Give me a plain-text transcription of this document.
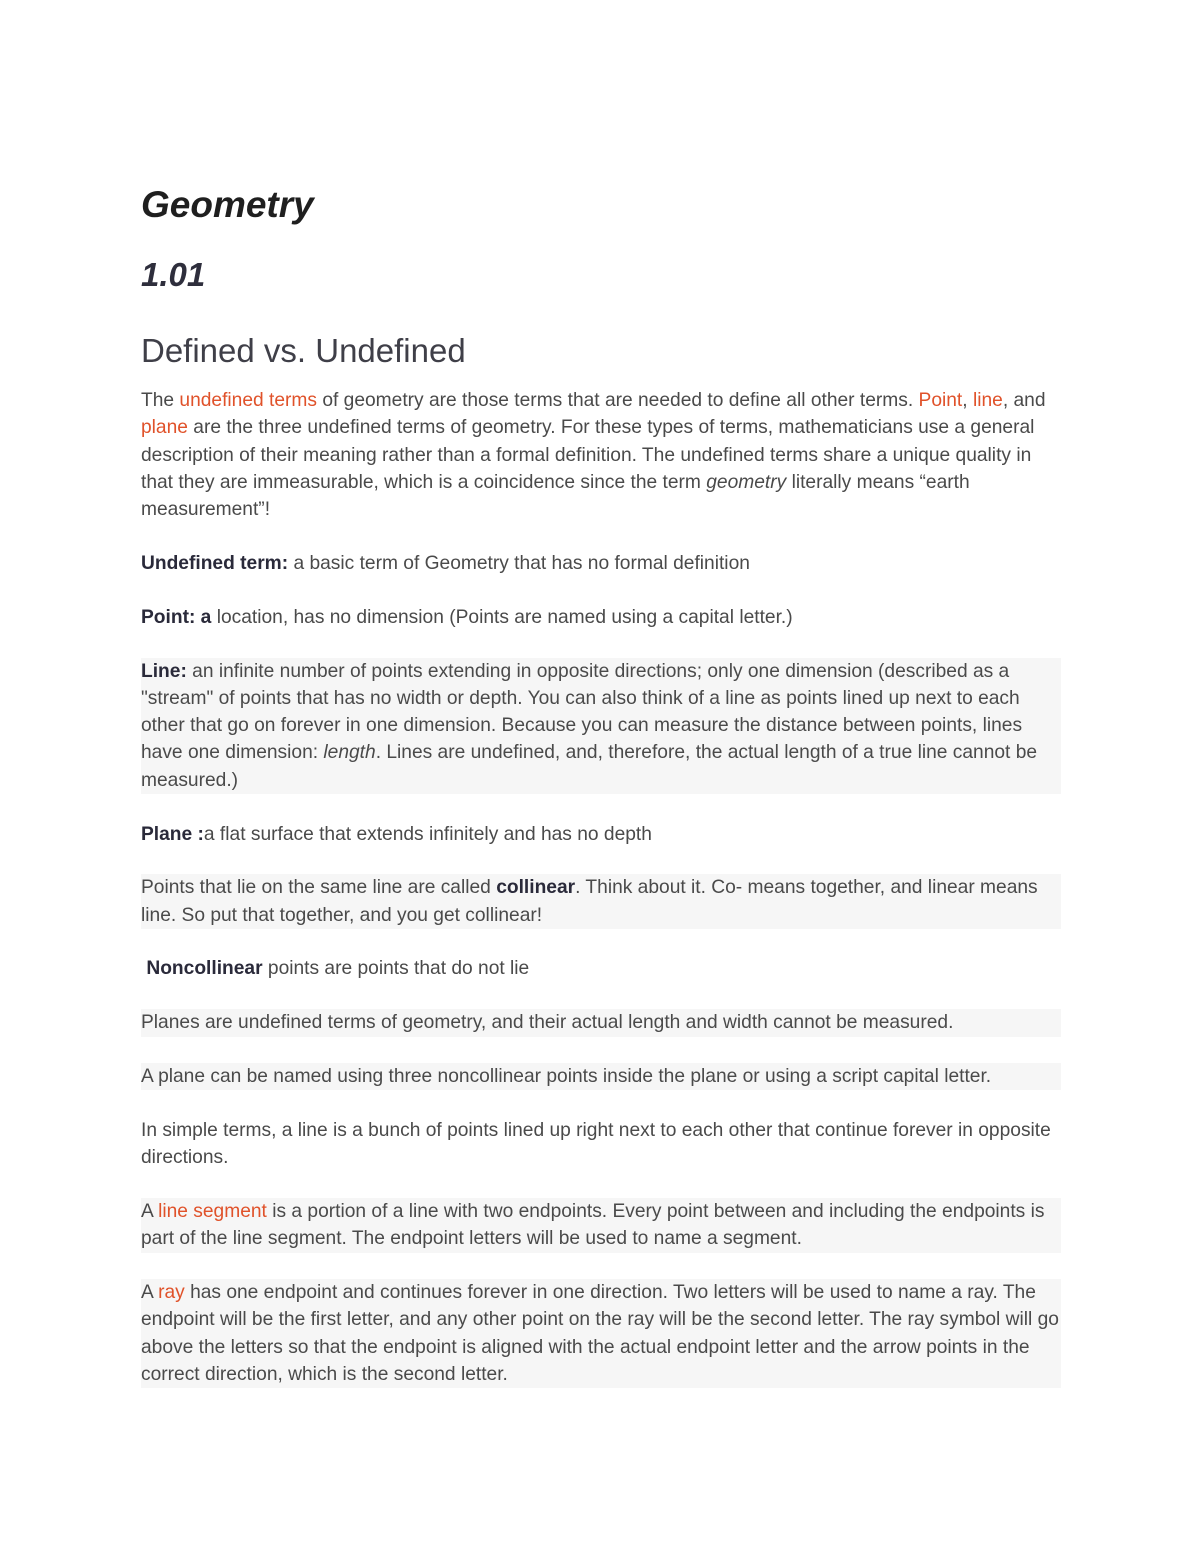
Geometry
1.01
Defined vs. Undefined

The undefined terms of geometry are those terms that are needed to define all other terms. Point, line, and plane are the three undefined terms of geometry. For these types of terms, mathematicians use a general description of their meaning rather than a formal definition. The undefined terms share a unique quality in that they are immeasurable, which is a coincidence since the term geometry literally means “earth measurement”!

Undefined term: a basic term of Geometry that has no formal definition

Point: a location, has no dimension (Points are named using a capital letter.)

Line: an infinite number of points extending in opposite directions; only one dimension (described as a "stream" of points that has no width or depth. You can also think of a line as points lined up next to each other that go on forever in one dimension. Because you can measure the distance between points, lines have one dimension: length. Lines are undefined, and, therefore, the actual length of a true line cannot be measured.)

Plane :a flat surface that extends infinitely and has no depth

Points that lie on the same line are called collinear. Think about it. Co- means together, and linear means line. So put that together, and you get collinear!

Noncollinear points are points that do not lie

Planes are undefined terms of geometry, and their actual length and width cannot be measured.

A plane can be named using three noncollinear points inside the plane or using a script capital letter.

In simple terms, a line is a bunch of points lined up right next to each other that continue forever in opposite directions.

A line segment is a portion of a line with two endpoints. Every point between and including the endpoints is part of the line segment. The endpoint letters will be used to name a segment.

A ray has one endpoint and continues forever in one direction. Two letters will be used to name a ray. The endpoint will be the first letter, and any other point on the ray will be the second letter. The ray symbol will go above the letters so that the endpoint is aligned with the actual endpoint letter and the arrow points in the correct direction, which is the second letter.
